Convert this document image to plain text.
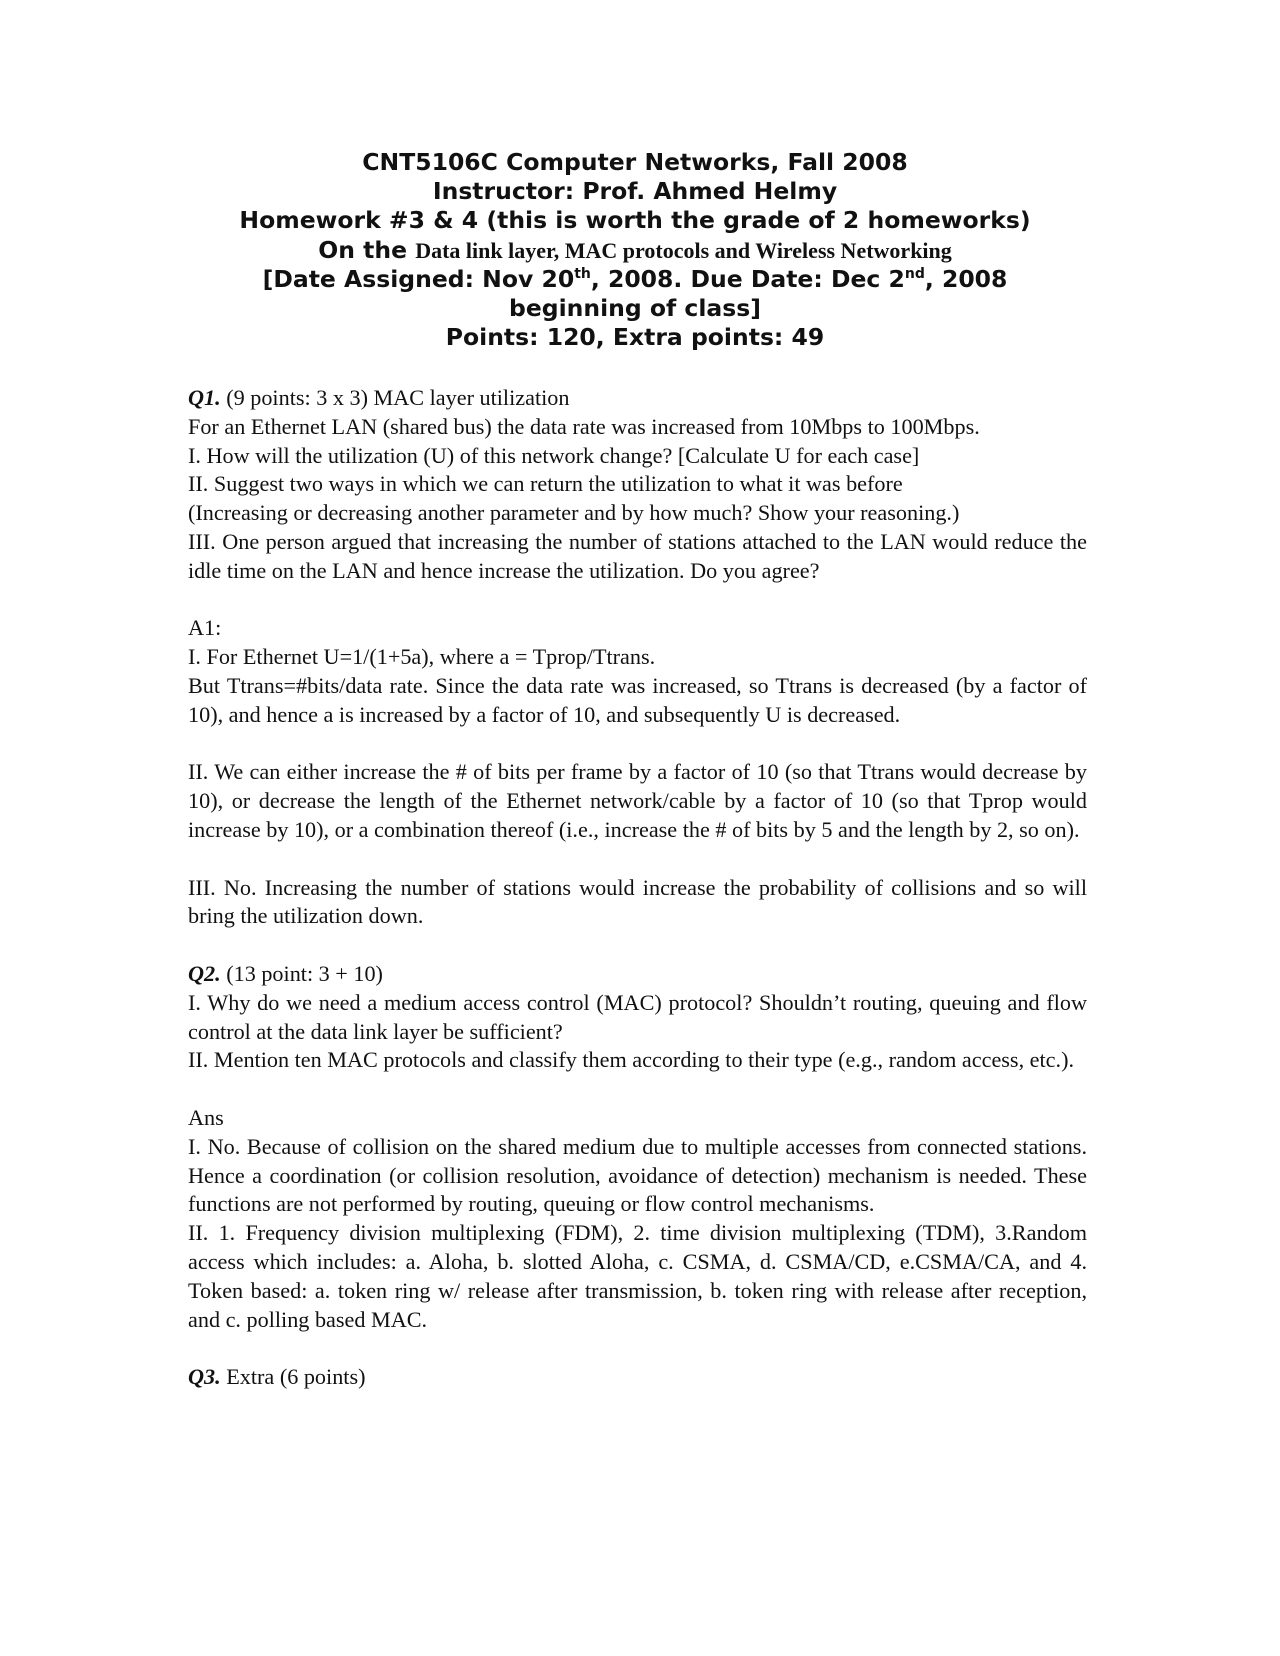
CNT5106C Computer Networks, Fall 2008
Instructor: Prof. Ahmed Helmy
Homework #3 & 4 (this is worth the grade of 2 homeworks)
On the Data link layer, MAC protocols and Wireless Networking
[Date Assigned: Nov 20th, 2008. Due Date: Dec 2nd, 2008
beginning of class]
Points: 120, Extra points: 49
Q1. (9 points: 3 x 3) MAC layer utilization
For an Ethernet LAN (shared bus) the data rate was increased from 10Mbps to 100Mbps.
I. How will the utilization (U) of this network change? [Calculate U for each case]
II. Suggest two ways in which we can return the utilization to what it was before
(Increasing or decreasing another parameter and by how much? Show your reasoning.)
III. One person argued that increasing the number of stations attached to the LAN would reduce the idle time on the LAN and hence increase the utilization. Do you agree?
A1:
I. For Ethernet U=1/(1+5a), where a = Tprop/Ttrans.
But Ttrans=#bits/data rate. Since the data rate was increased, so Ttrans is decreased (by a factor of 10), and hence a is increased by a factor of 10, and subsequently U is decreased.
II. We can either increase the # of bits per frame by a factor of 10 (so that Ttrans would decrease by 10), or decrease the length of the Ethernet network/cable by a factor of 10 (so that Tprop would increase by 10), or a combination thereof (i.e., increase the # of bits by 5 and the length by 2, so on).
III. No. Increasing the number of stations would increase the probability of collisions and so will bring the utilization down.
Q2. (13 point: 3 + 10)
I. Why do we need a medium access control (MAC) protocol? Shouldn’t routing, queuing and flow control at the data link layer be sufficient?
II. Mention ten MAC protocols and classify them according to their type (e.g., random access, etc.).
Ans
I. No. Because of collision on the shared medium due to multiple accesses from connected stations. Hence a coordination (or collision resolution, avoidance of detection) mechanism is needed. These functions are not performed by routing, queuing or flow control mechanisms.
II. 1. Frequency division multiplexing (FDM), 2. time division multiplexing (TDM), 3.Random access which includes: a. Aloha, b. slotted Aloha, c. CSMA, d. CSMA/CD, e.CSMA/CA, and 4. Token based: a. token ring w/ release after transmission, b. token ring with release after reception, and c. polling based MAC.
Q3. Extra (6 points)
